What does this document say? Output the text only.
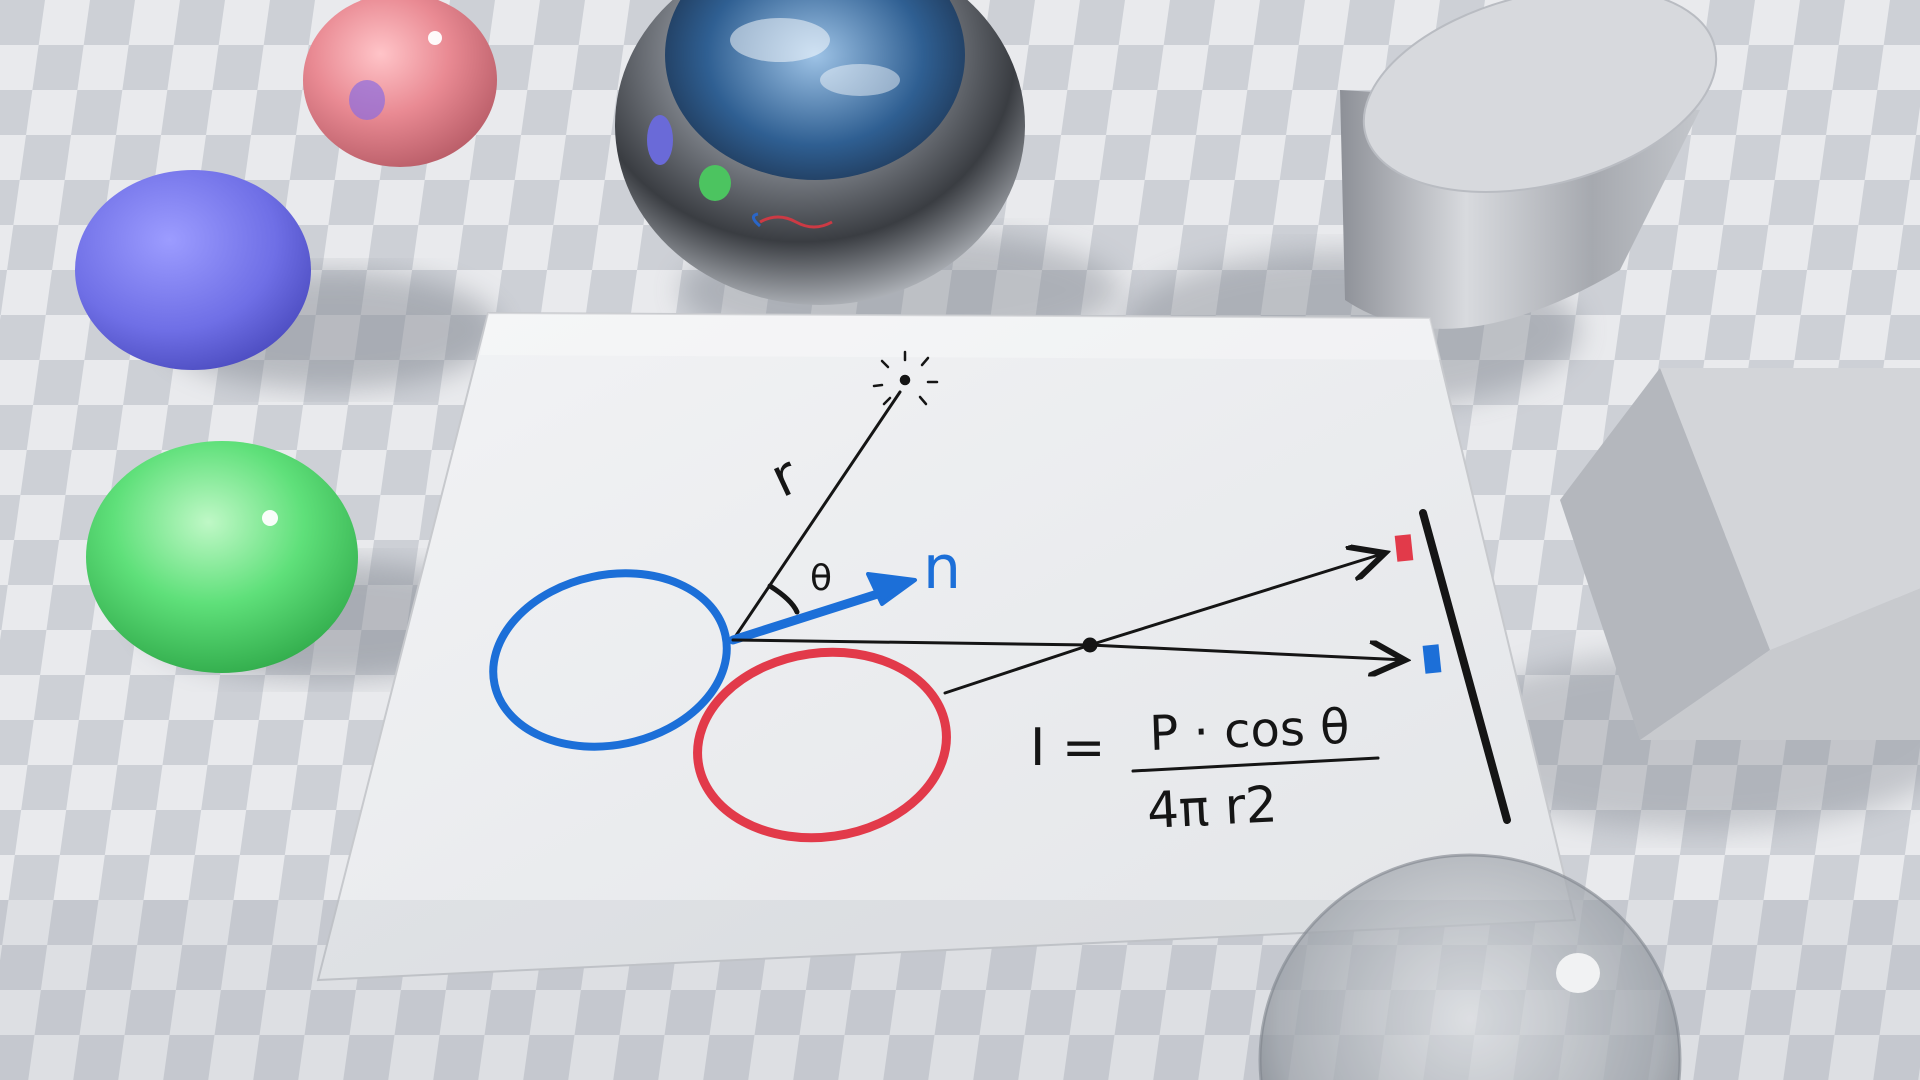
r
θ n
I = P · cos θ
4π r2
